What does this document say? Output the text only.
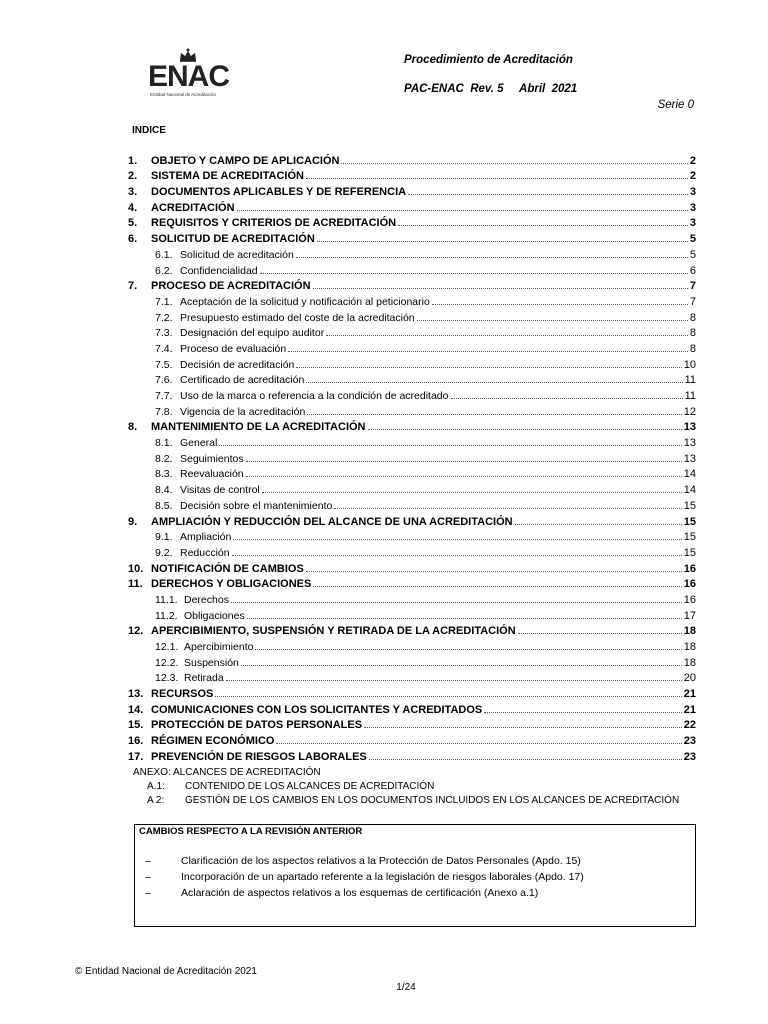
ENAC
Entidad Nacional de Acreditación
Procedimiento de Acreditación
PAC-ENAC  Rev. 5     Abril  2021
Serie 0
INDICE
1.	OBJETO Y CAMPO DE APLICACIÓN	2
2.	SISTEMA DE ACREDITACIÓN	2
3.	DOCUMENTOS APLICABLES Y DE REFERENCIA	3
4.	ACREDITACIÓN	3
5.	REQUISITOS Y CRITERIOS DE ACREDITACIÓN	3
6.	SOLICITUD DE ACREDITACIÓN	5
6.1. Solicitud de acreditación	5
6.2. Confidencialidad	6
7.	PROCESO DE ACREDITACIÓN	7
7.1. Aceptación de la solicitud y notificación al peticionario	7
7.2. Presupuesto estimado del coste de la acreditación	8
7.3. Designación del equipo auditor	8
7.4. Proceso de evaluación	8
7.5. Decisión de acreditación	10
7.6. Certificado de acreditación	11
7.7. Uso de la marca o referencia a la condición de acreditado	11
7.8. Vigencia de la acreditación	12
8.	MANTENIMIENTO DE LA ACREDITACIÓN	13
8.1. General	13
8.2. Seguimientos	13
8.3. Reevaluación	14
8.4. Visitas de control	14
8.5. Decisión sobre el mantenimiento	15
9.	AMPLIACIÓN Y REDUCCIÓN DEL ALCANCE DE UNA ACREDITACIÓN	15
9.1. Ampliación	15
9.2. Reducción	15
10. NOTIFICACIÓN DE CAMBIOS	16
11. DERECHOS Y OBLIGACIONES	16
11.1. Derechos	16
11.2. Obligaciones	17
12. APERCIBIMIENTO, SUSPENSIÓN Y RETIRADA DE LA ACREDITACIÓN	18
12.1. Apercibimiento	18
12.2. Suspensión	18
12.3. Retirada	20
13. RECURSOS	21
14. COMUNICACIONES CON LOS SOLICITANTES Y ACREDITADOS	21
15. PROTECCIÓN DE DATOS PERSONALES	22
16. RÉGIMEN ECONÓMICO	23
17. PREVENCIÓN DE RIESGOS LABORALES	23
ANEXO: ALCANCES DE ACREDITACIÓN
A.1: CONTENIDO DE LOS ALCANCES DE ACREDITACIÓN
A 2: GESTIÓN DE LOS CAMBIOS EN LOS DOCUMENTOS INCLUIDOS EN LOS ALCANCES DE ACREDITACIÓN
CAMBIOS RESPECTO A LA REVISIÓN ANTERIOR
–	Clarificación de los aspectos relativos a la Protección de Datos Personales (Apdo. 15)
–	Incorporación de un apartado referente a la legislación de riesgos laborales (Apdo. 17)
–	Aclaración de aspectos relativos a los esquemas de certificación (Anexo a.1)
© Entidad Nacional de Acreditación 2021
1/24
